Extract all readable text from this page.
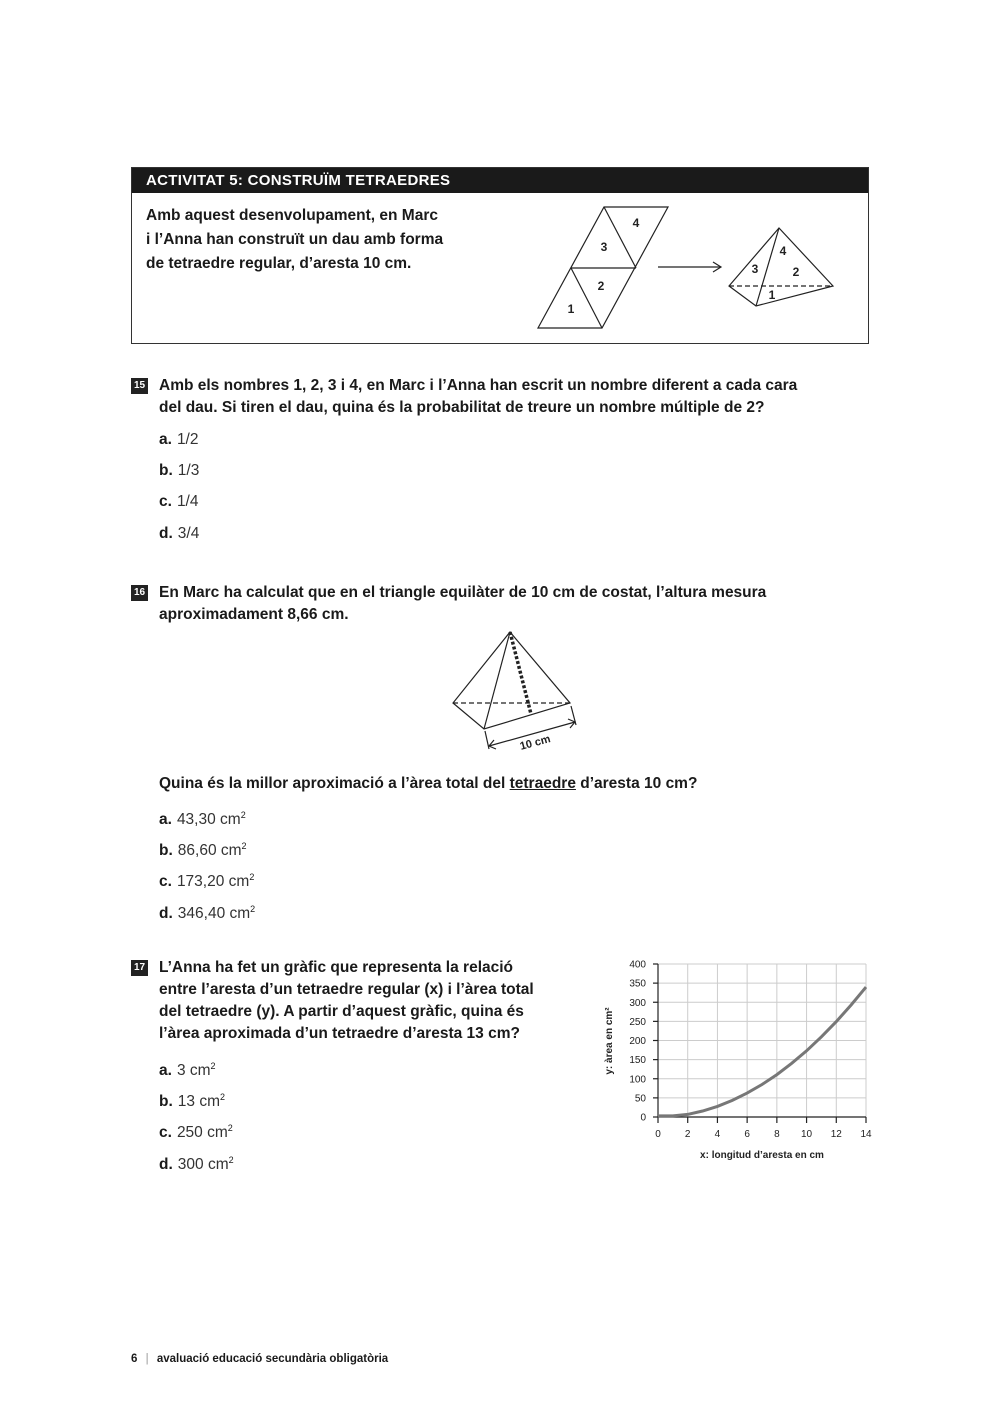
ACTIVITAT 5: CONSTRUÏM TETRAEDRES
Amb aquest desenvolupament, en Marc
i l’Anna han construït un dau amb forma
de tetraedre regular, d’aresta 10 cm.
1
2
3
4
3
4
2
1
15 Amb els nombres 1, 2, 3 i 4, en Marc i l’Anna han escrit un nombre diferent a cada cara
del dau. Si tiren el dau, quina és la probabilitat de treure un nombre múltiple de 2?
a. 1/2
b. 1/3
c. 1/4
d. 3/4
16 En Marc ha calculat que en el triangle equilàter de 10 cm de costat, l’altura mesura
aproximadament 8,66 cm.
10 cm
Quina és la millor aproximació a l’àrea total del tetraedre d’aresta 10 cm?
a. 43,30 $cm^2$
b. 86,60 $cm^2$
c. 173,20 $cm^2$
d. 346,40 $cm^2$
17 L’Anna ha fet un gràfic que representa la relació
entre l’aresta d’un tetraedre regular (x) i l’àrea total
del tetraedre (y). A partir d’aquest gràfic, quina és
l’àrea aproximada d’un tetraedre d’aresta 13 cm?
a. 3 $cm^2$
b. 13 $cm^2$
c. 250 $cm^2$
d. 300 $cm^2$
0
50
100
150
200
250
300
350
400
0 2 4 6 8 10 12 14
x: longitud d’aresta en cm
y: àrea en cm²
6 | avaluació educació secundària obligatòria
